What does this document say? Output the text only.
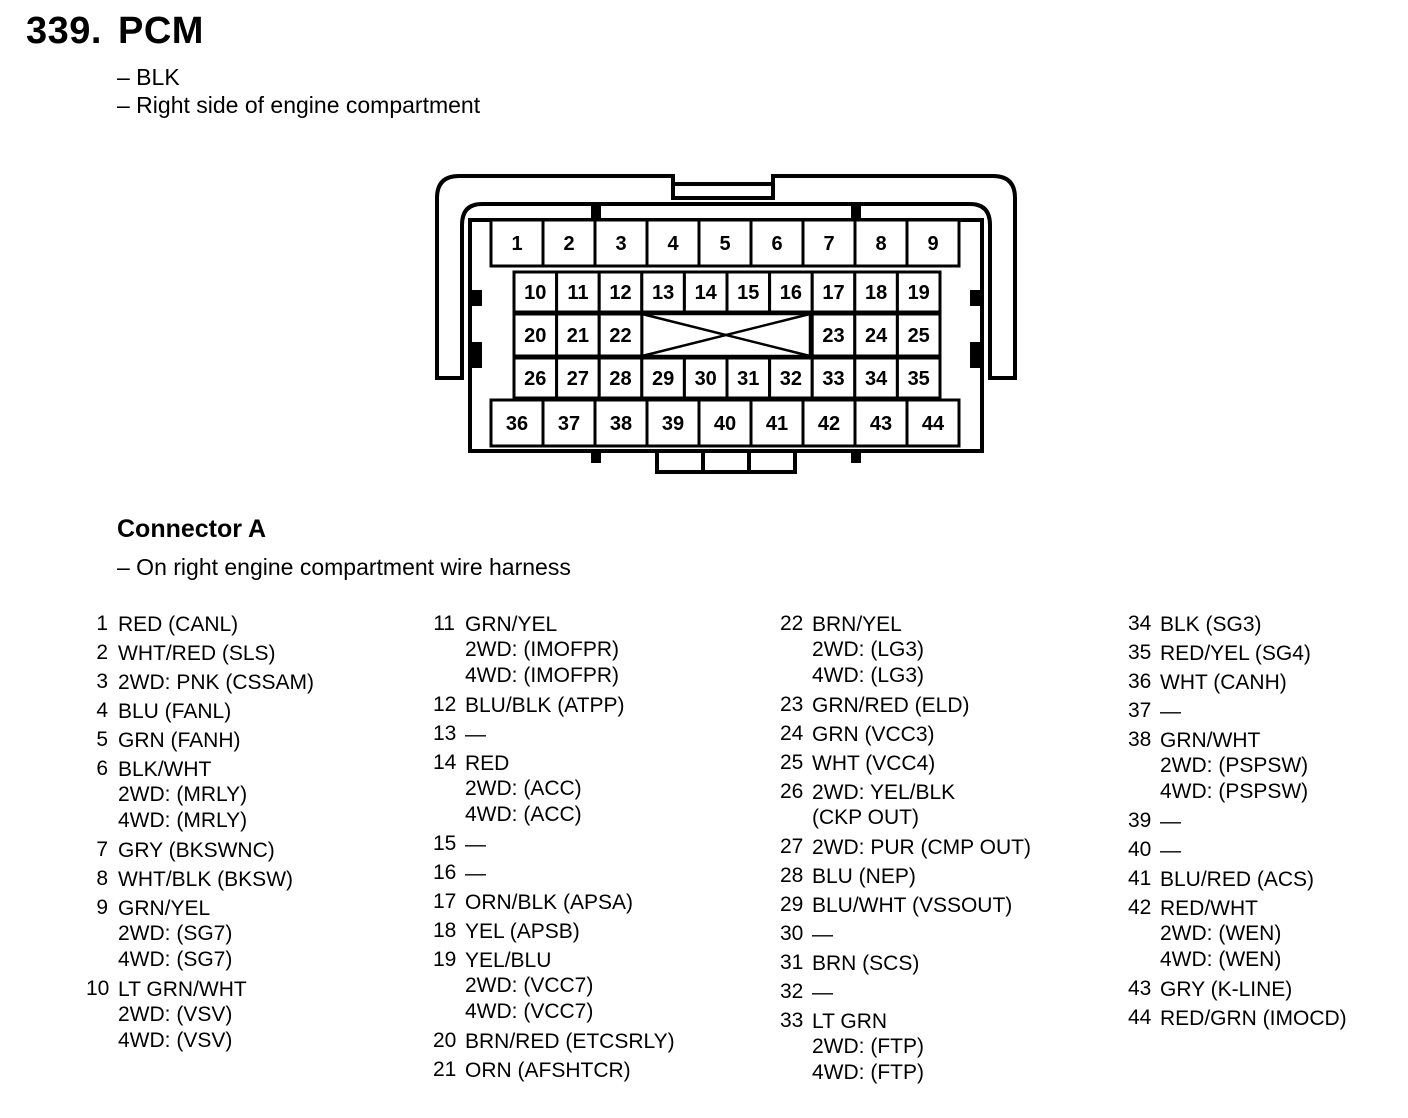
339. PCM
– BLK
– Right side of engine compartment
1 2 3 4 5 6 7 8 9
36 37 38 39 40 41 42 43 44
10 11 12 13 14 15 16 17 18 19
26 27 28 29 30 31 32 33 34 35
20 21 22	23 24 25
Connector A
– On right engine compartment wire harness
1 RED (CANL)
2 WHT/RED (SLS)
3 2WD: PNK (CSSAM)
4 BLU (FANL)
5 GRN (FANH)
6 BLK/WHT
2WD: (MRLY)
4WD: (MRLY)
7 GRY (BKSWNC)
8 WHT/BLK (BKSW)
9 GRN/YEL
2WD: (SG7)
4WD: (SG7)
10 LT GRN/WHT
2WD: (VSV)
4WD: (VSV)
11 GRN/YEL
2WD: (IMOFPR)
4WD: (IMOFPR)
12 BLU/BLK (ATPP)
13 —
14 RED
2WD: (ACC)
4WD: (ACC)
15 —
16 —
17 ORN/BLK (APSA)
18 YEL (APSB)
19 YEL/BLU
2WD: (VCC7)
4WD: (VCC7)
20 BRN/RED (ETCSRLY)
21 ORN (AFSHTCR)
22 BRN/YEL
2WD: (LG3)
4WD: (LG3)
23 GRN/RED (ELD)
24 GRN (VCC3)
25 WHT (VCC4)
26 2WD: YEL/BLK
(CKP OUT)
27 2WD: PUR (CMP OUT)
28 BLU (NEP)
29 BLU/WHT (VSSOUT)
30 —
31 BRN (SCS)
32 —
33 LT GRN
2WD: (FTP)
4WD: (FTP)
34 BLK (SG3)
35 RED/YEL (SG4)
36 WHT (CANH)
37 —
38 GRN/WHT
2WD: (PSPSW)
4WD: (PSPSW)
39 —
40 —
41 BLU/RED (ACS)
42 RED/WHT
2WD: (WEN)
4WD: (WEN)
43 GRY (K-LINE)
44 RED/GRN (IMOCD)
